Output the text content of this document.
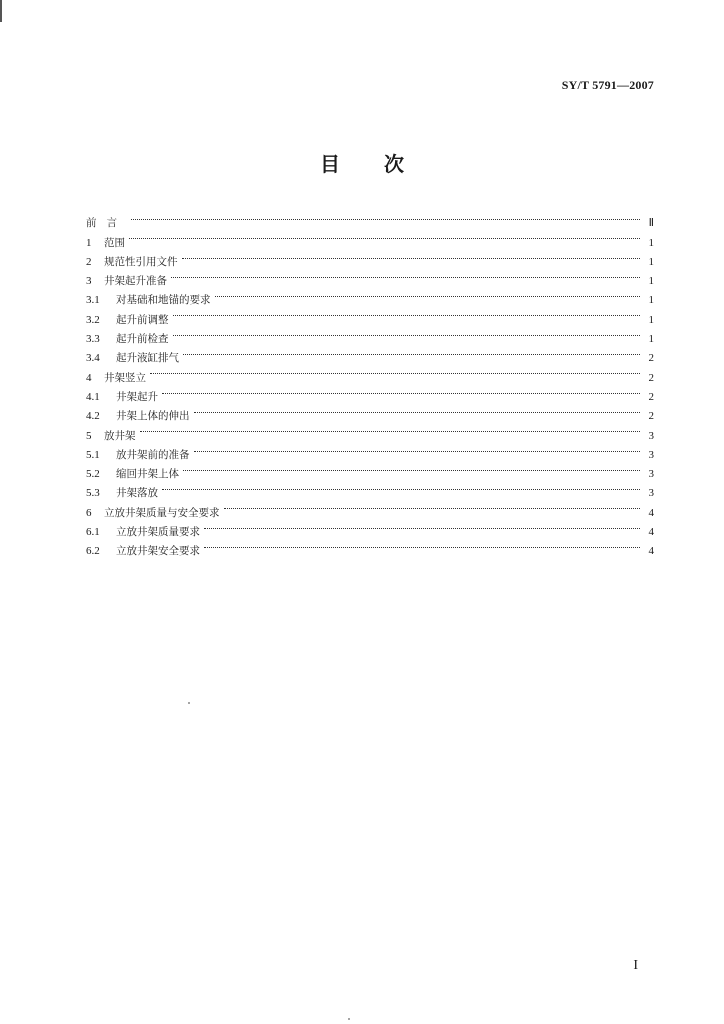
SY/T 5791—2007
目 次
前言	Ⅱ
1	范围	1
2	规范性引用文件	1
3	井架起升准备	1
3.1	对基础和地锚的要求	1
3.2	起升前调整	1
3.3	起升前检查	1
3.4	起升液缸排气	2
4	井架竖立	2
4.1	井架起升	2
4.2	井架上体的伸出	2
5	放井架	3
5.1	放井架前的准备	3
5.2	缩回井架上体	3
5.3	井架落放	3
6	立放井架质量与安全要求	4
6.1	立放井架质量要求	4
6.2	立放井架安全要求	4
I
